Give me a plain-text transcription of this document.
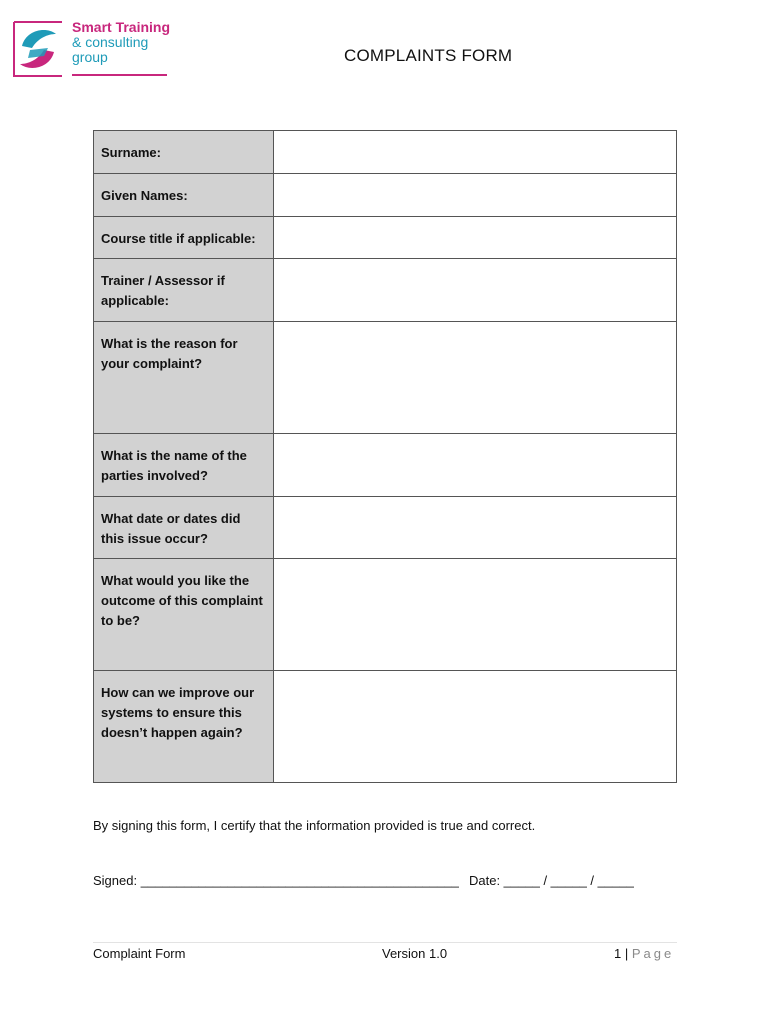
Smart Training
& consulting
group	COMPLAINTS FORM
Surname:	
Given Names:	
Course title if applicable:	
Trainer / Assessor if applicable:	
What is the reason for your complaint?	
What is the name of the parties involved?	
What date or dates did this issue occur?	
What would you like the outcome of this complaint to be?	
How can we improve our systems to ensure this doesn’t happen again?	
By signing this form, I certify that the information provided is true and correct.
Signed: ____________________________________________ Date: _____ / _____ / _____
Complaint Form	Version 1.0	1 | Page
